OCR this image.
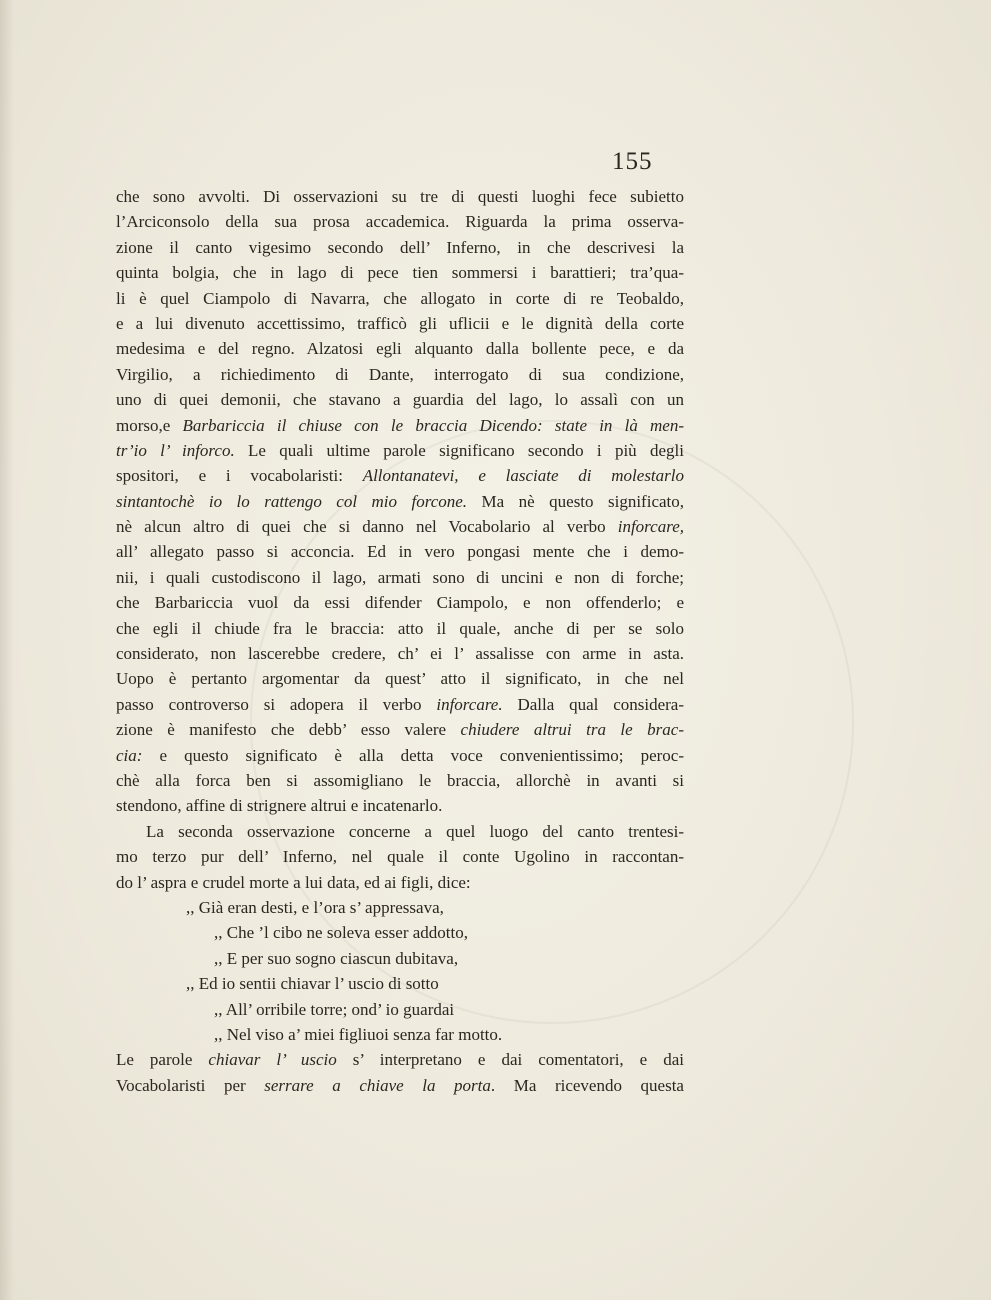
155
che sono avvolti. Di osservazioni su tre di questi luoghi fece subietto
l’Arciconsolo della sua prosa accademica. Riguarda la prima osserva-
zione il canto vigesimo secondo dell’ Inferno, in che descrivesi la
quinta bolgia, che in lago di pece tien sommersi i barattieri; tra’qua-
li è quel Ciampolo di Navarra, che allogato in corte di re Teobaldo,
e a lui divenuto accettissimo, trafficò gli uflicii e le dignità della corte
medesima e del regno. Alzatosi egli alquanto dalla bollente pece, e da
Virgilio, a richiedimento di Dante, interrogato di sua condizione,
uno di quei demonii, che stavano a guardia del lago, lo assalì con un
morso,e Barbariccia il chiuse con le braccia Dicendo: state in là men-
tr’io l’ inforco. Le quali ultime parole significano secondo i più degli
spositori, e i vocabolaristi: Allontanatevi, e lasciate di molestarlo
sintantochè io lo rattengo col mio forcone. Ma nè questo significato,
nè alcun altro di quei che si danno nel Vocabolario al verbo inforcare,
all’ allegato passo si acconcia. Ed in vero pongasi mente che i demo-
nii, i quali custodiscono il lago, armati sono di uncini e non di forche;
che Barbariccia vuol da essi difender Ciampolo, e non offenderlo; e
che egli il chiude fra le braccia: atto il quale, anche di per se solo
considerato, non lascerebbe credere, ch’ ei l’ assalisse con arme in asta.
Uopo è pertanto argomentar da quest’ atto il significato, in che nel
passo controverso si adopera il verbo inforcare. Dalla qual considera-
zione è manifesto che debb’ esso valere chiudere altrui tra le brac-
cia: e questo significato è alla detta voce convenientissimo; peroc-
chè alla forca ben si assomigliano le braccia, allorchè in avanti si
stendono, affine di strignere altrui e incatenarlo.
La seconda osservazione concerne a quel luogo del canto trentesi-
mo terzo pur dell’ Inferno, nel quale il conte Ugolino in raccontan-
do l’ aspra e crudel morte a lui data, ed ai figli, dice:
,, Già eran desti, e l’ora s’ appressava,
,, Che ’l cibo ne soleva esser addotto,
,, E per suo sogno ciascun dubitava,
,, Ed io sentii chiavar l’ uscio di sotto
,, All’ orribile torre; ond’ io guardai
,, Nel viso a’ miei figliuoi senza far motto.
Le parole chiavar l’ uscio s’ interpretano e dai comentatori, e dai
Vocabolaristi per serrare a chiave la porta. Ma ricevendo questa
